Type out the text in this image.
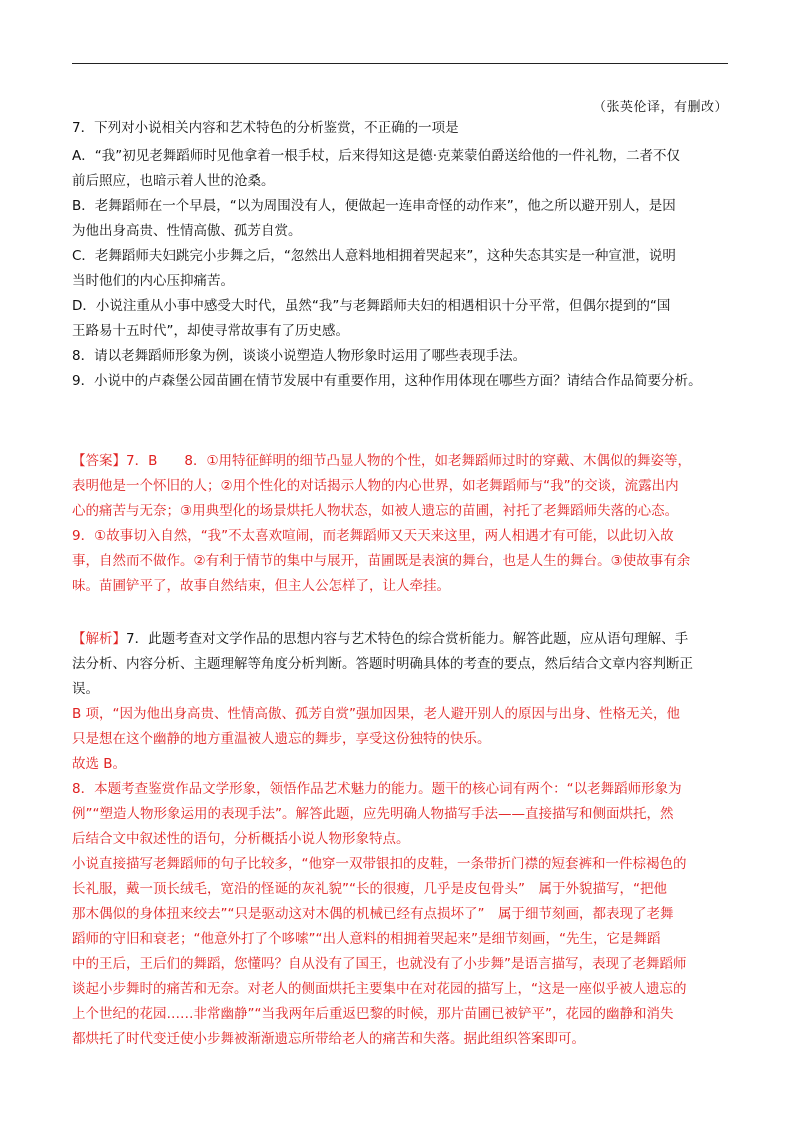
（张英伦译，有删改）
7．下列对小说相关内容和艺术特色的分析鉴赏，不正确的一项是
A．“我”初见老舞蹈师时见他拿着一根手杖，后来得知这是德·克莱蒙伯爵送给他的一件礼物，二者不仅
前后照应，也暗示着人世的沧桑。
B．老舞蹈师在一个早晨，“以为周围没有人，便做起一连串奇怪的动作来”，他之所以避开别人，是因
为他出身高贵、性情高傲、孤芳自赏。
C．老舞蹈师夫妇跳完小步舞之后，“忽然出人意料地相拥着哭起来”，这种失态其实是一种宣泄，说明
当时他们的内心压抑痛苦。
D．小说注重从小事中感受大时代，虽然“我”与老舞蹈师夫妇的相遇相识十分平常，但偶尔提到的“国
王路易十五时代”，却使寻常故事有了历史感。
8．请以老舞蹈师形象为例，谈谈小说塑造人物形象时运用了哪些表现手法。
9．小说中的卢森堡公园苗圃在情节发展中有重要作用，这种作用体现在哪些方面？请结合作品简要分析。
【答案】7．B　　8．①用特征鲜明的细节凸显人物的个性，如老舞蹈师过时的穿戴、木偶似的舞姿等，
表明他是一个怀旧的人；②用个性化的对话揭示人物的内心世界，如老舞蹈师与“我”的交谈，流露出内
心的痛苦与无奈；③用典型化的场景烘托人物状态，如被人遗忘的苗圃，衬托了老舞蹈师失落的心态。
9．①故事切入自然，“我”不太喜欢喧闹，而老舞蹈师又天天来这里，两人相遇才有可能，以此切入故
事，自然而不做作。②有利于情节的集中与展开，苗圃既是表演的舞台，也是人生的舞台。③使故事有余
味。苗圃铲平了，故事自然结束，但主人公怎样了，让人牵挂。
【解析】7．此题考查对文学作品的思想内容与艺术特色的综合赏析能力。解答此题，应从语句理解、手
法分析、内容分析、主题理解等角度分析判断。答题时明确具体的考查的要点，然后结合文章内容判断正
误。
B 项，“因为他出身高贵、性情高傲、孤芳自赏”强加因果，老人避开别人的原因与出身、性格无关，他
只是想在这个幽静的地方重温被人遗忘的舞步，享受这份独特的快乐。
故选 B。
8．本题考查鉴赏作品文学形象，领悟作品艺术魅力的能力。题干的核心词有两个：“以老舞蹈师形象为
例”“塑造人物形象运用的表现手法”。解答此题，应先明确人物描写手法——直接描写和侧面烘托，然
后结合文中叙述性的语句，分析概括小说人物形象特点。
小说直接描写老舞蹈师的句子比较多，“他穿一双带银扣的皮鞋，一条带折门襟的短套裤和一件棕褐色的
长礼服，戴一顶长绒毛，宽沿的怪诞的灰礼貌”“长的很瘦，几乎是皮包骨头”　属于外貌描写，“把他
那木偶似的身体扭来绞去”“只是驱动这对木偶的机械已经有点损坏了”　属于细节刻画，都表现了老舞
蹈师的守旧和衰老；“他意外打了个哆嗦”“出人意料的相拥着哭起来”是细节刻画，“先生，它是舞蹈
中的王后，王后们的舞蹈，您懂吗？自从没有了国王，也就没有了小步舞”是语言描写，表现了老舞蹈师
谈起小步舞时的痛苦和无奈。对老人的侧面烘托主要集中在对花园的描写上，“这是一座似乎被人遗忘的
上个世纪的花园……非常幽静”“当我两年后重返巴黎的时候，那片苗圃已被铲平”，花园的幽静和消失
都烘托了时代变迁使小步舞被渐渐遗忘所带给老人的痛苦和失落。据此组织答案即可。
